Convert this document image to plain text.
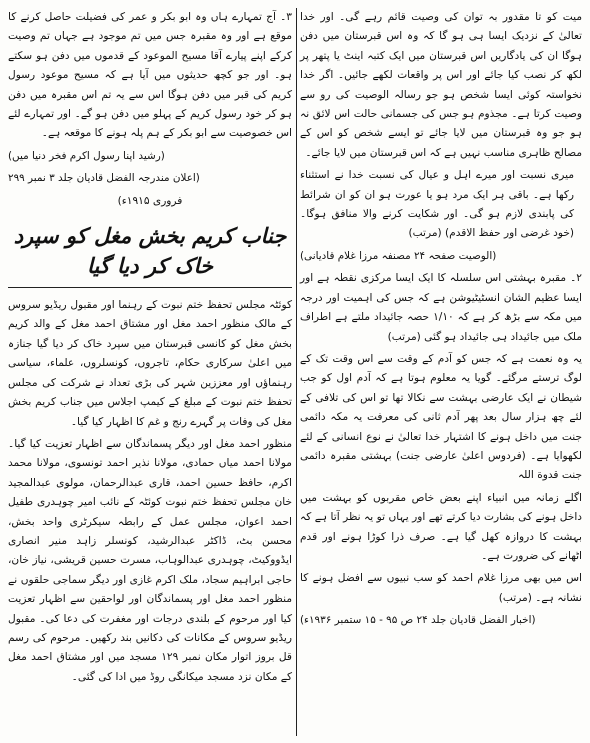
میت کو تا مقدور بہ توان کی وصیت قائم رہے گی۔ اور خدا تعالیٰ کے نزدیک ایسا ہی ہو گا کہ وہ اس قبرستان میں دفن ہوگا ان کی یادگاریں اس قبرستان میں ایک کتبہ اینٹ یا پتھر پر لکھ کر نصب کیا جائے اور اس پر واقعات لکھے جائیں۔ اگر خدا نخواستہ کوئی ایسا شخص ہو جو رسالہ الوصیت کی رو سے وصیت کرتا ہے۔ مجذوم ہو جس کی جسمانی حالت اس لائق نہ ہو جو وہ قبرستان میں لایا جائے تو ایسے شخص کو اس کے مصالح ظاہری مناسب نہیں ہے کہ اس قبرستان میں لایا جائے۔

میری نسبت اور میرے اہل و عیال کی نسبت خدا نے استثناء رکھا ہے۔ باقی ہر ایک مرد ہو یا عورت ہو ان کو ان شرائط کی پابندی لازم ہو گی۔ اور شکایت کرنے والا منافق ہوگا۔ (خود غرضی اور حفظ الاقدم) (مرتب)

(الوصیت صفحہ ۲۴ مصنفہ مرزا غلام قادیانی)

۲۔ مقبرہ بہشتی اس سلسلہ کا ایک ایسا مرکزی نقطہ ہے اور ایسا عظیم الشان انسٹیٹیوشن ہے کہ جس کی اہمیت اور درجہ میں مکہ سے بڑھ کر ہے کہ ۱/۱۰ حصہ جائیداد ملتے ہے اطراف ملک میں جائیداد ہی جائیداد ہو گئی (مرتب)

یہ وہ نعمت ہے کہ جس کو آدم کے وقت سے اس وقت تک کے لوگ ترستے مرگئے۔ گویا یہ معلوم ہوتا ہے کہ آدم اول کو جب شیطان نے ایک عارضی بہشت سے نکالا تھا تو اس کی تلافی کے لئے چھ ہزار سال بعد پھر آدم ثانی کی معرفت یہ مکہ دائمی جنت میں داخل ہونے کا اشتہار خدا تعالیٰ نے نوع انسانی کے لئے لکھوایا ہے۔ (فردوس اعلیٰ عارضی جنت) بہشتی مقبرہ دائمی جنت قدوة اللہ

اگلے زمانہ میں انبیاء اپنے بعض خاص مقربوں کو بہشت میں داخل ہونے کی بشارت دیا کرتے تھے اور یہاں تو یہ نظر آتا ہے کہ بہشت کا دروازہ کھل گیا ہے۔ صرف ذرا کوڑا ہونے اور قدم اٹھانے کی ضرورت ہے۔

اس میں بھی مرزا غلام احمد کو سب نبیوں سے افضل ہونے کا نشانہ ہے۔ (مرتب)

(اخبار الفضل قادیان جلد ۲۴ ص ۹۵ - ۱۵ ستمبر ۱۹۳۶ء)

۳۔ آج تمہارے ہاں وہ ابو بکر و عمر کی فضیلت حاصل کرنے کا موقع ہے اور وہ مقبرہ جس میں تم موجود ہے جہاں تم وصیت کرکے اپنے پیارے آقا مسیح الموعود کے قدموں میں دفن ہو سکتے ہو۔ اور جو کچھ حدیثوں میں آیا ہے کہ مسیح موعود رسول کریم کی قبر میں دفن ہوگا اس سے یہ تم اس مقبرہ میں دفن ہو کر خود رسول کریم کے پہلو میں دفن ہو گے۔ اور تمہارے لئے اس خصوصیت سے ابو بکر کے ہم پلہ ہونے کا موقعہ ہے۔

(رشید اپنا رسول اکرم فخر دنیا میں)

(اعلان مندرجہ الفضل قادیان جلد ۳ نمبر ۲۹۹

فروری ۱۹۱۵ء)

جناب کریم بخش مغل کو سپرد خاک کر دیا گیا

کوئٹہ مجلس تحفظ ختم نبوت کے رہنما اور مقبول ریڈیو سروس کے مالک منظور احمد مغل اور مشتاق احمد مغل کے والد کریم بخش مغل کو کانسی قبرستان میں سپرد خاک کر دیا گیا جنازہ میں اعلیٰ سرکاری حکام، تاجروں، کونسلروں، علماء، سیاسی رہنماؤں اور معززین شہر کی بڑی تعداد نے شرکت کی مجلس تحفظ ختم نبوت کے مبلغ کے کیمپ اجلاس میں جناب کریم بخش مغل کی وفات پر گہرے رنج و غم کا اظہار کیا گیا۔

منظور احمد مغل اور دیگر پسماندگان سے اظہار تعزیت کیا گیا۔ مولانا احمد میاں حمادی، مولانا نذیر احمد تونسوی، مولانا محمد اکرم، حافظ حسین احمد، قاری عبدالرحمان، مولوی عبدالمجید خان مجلس تحفظ ختم نبوت کوئٹہ کے نائب امیر چوہدری طفیل احمد اعوان، مجلس عمل کے رابطہ سیکرٹری واحد بخش، محسن بٹ، ڈاکٹر عبدالرشید، کونسلر زاہد منیر انصاری ایڈووکیٹ، چوہدری عبدالوہاب، مسرت حسین قریشی، نیاز خان، حاجی ابراہیم سجاد، ملک اکرم غازی اور دیگر سماجی حلقوں نے منظور احمد مغل اور پسماندگان اور لواحقین سے اظہار تعزیت کیا اور مرحوم کے بلندی درجات اور مغفرت کی دعا کی۔ مقبول ریڈیو سروس کے مکانات کی دکانیں بند رکھیں۔ مرحوم کی رسم قل بروز اتوار مکان نمبر ۱۲۹ مسجد میں اور مشتاق احمد مغل کے مکان نزد مسجد میکانگی روڈ میں ادا کی گئی۔
